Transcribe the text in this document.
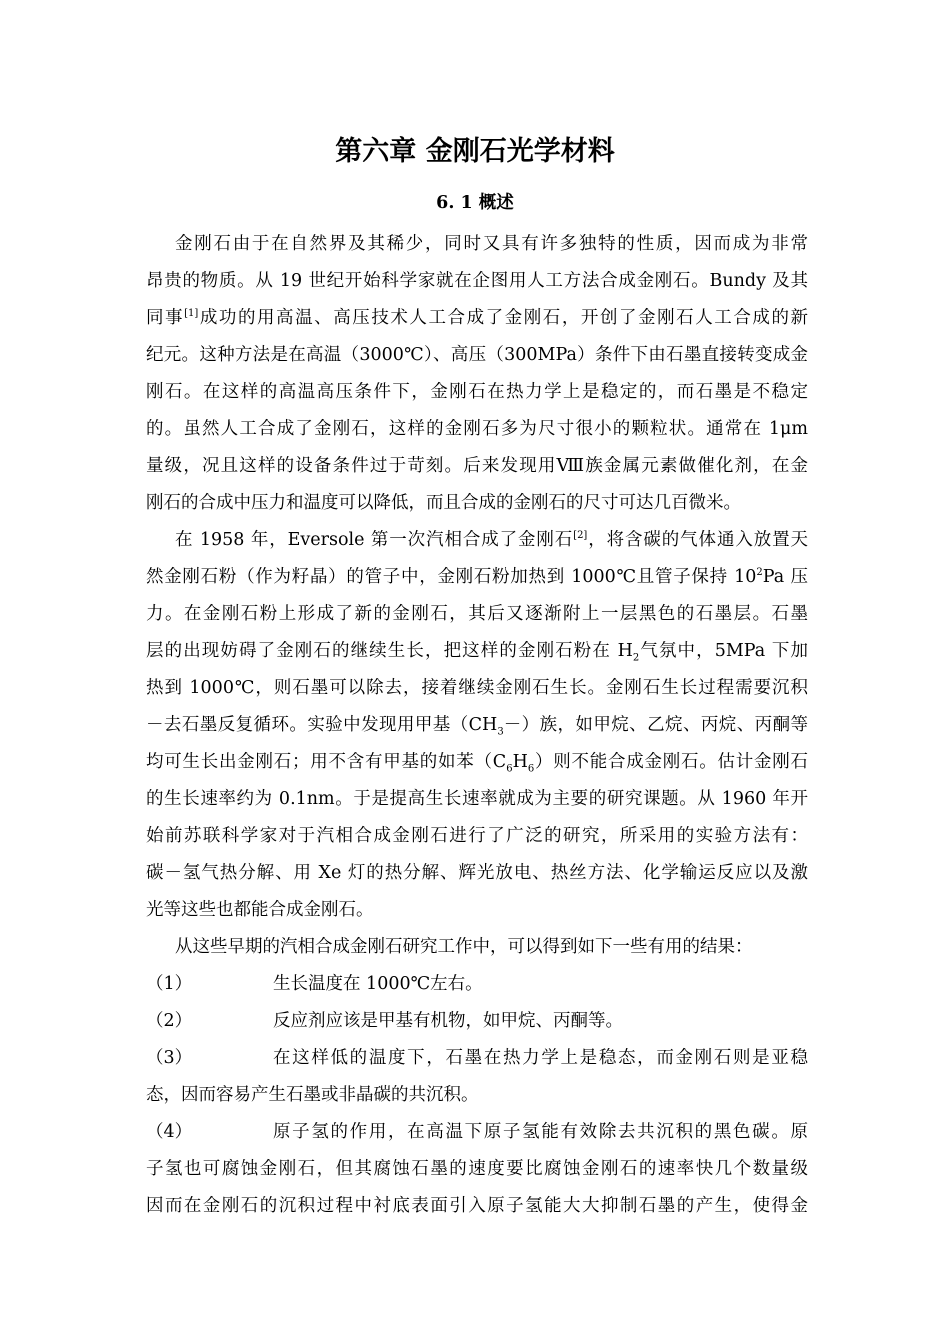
第六章 金刚石光学材料
6. 1 概述
金刚石由于在自然界及其稀少，同时又具有许多独特的性质，因而成为非常
昂贵的物质。从 19 世纪开始科学家就在企图用人工方法合成金刚石。Bundy 及其
同事[1]成功的用高温、高压技术人工合成了金刚石，开创了金刚石人工合成的新
纪元。这种方法是在高温（3000℃）、高压（300MPa）条件下由石墨直接转变成金
刚石。在这样的高温高压条件下，金刚石在热力学上是稳定的，而石墨是不稳定
的。虽然人工合成了金刚石，这样的金刚石多为尺寸很小的颗粒状。通常在 1μm
量级，况且这样的设备条件过于苛刻。后来发现用Ⅷ族金属元素做催化剂，在金
刚石的合成中压力和温度可以降低，而且合成的金刚石的尺寸可达几百微米。
在 1958 年，Eversole 第一次汽相合成了金刚石[2]，将含碳的气体通入放置天
然金刚石粉（作为籽晶）的管子中，金刚石粉加热到 1000℃且管子保持 $10^2Pa$ 压
力。在金刚石粉上形成了新的金刚石，其后又逐渐附上一层黑色的石墨层。石墨
层的出现妨碍了金刚石的继续生长，把这样的金刚石粉在 $H_2$气氛中，5MPa 下加
热到 1000℃，则石墨可以除去，接着继续金刚石生长。金刚石生长过程需要沉积
－去石墨反复循环。实验中发现用甲基$(CH_3-)$族，如甲烷、乙烷、丙烷、丙酮等
均可生长出金刚石；用不含有甲基的如苯$(C_6H_6)$则不能合成金刚石。估计金刚石
的生长速率约为 0.1nm。于是提高生长速率就成为主要的研究课题。从 1960 年开
始前苏联科学家对于汽相合成金刚石进行了广泛的研究，所采用的实验方法有：
碳－氢气热分解、用 Xe 灯的热分解、辉光放电、热丝方法、化学输运反应以及激
光等这些也都能合成金刚石。
从这些早期的汽相合成金刚石研究工作中，可以得到如下一些有用的结果：
（1）	生长温度在 1000℃左右。
（2）	反应剂应该是甲基有机物，如甲烷、丙酮等。
（3）	在这样低的温度下，石墨在热力学上是稳态，而金刚石则是亚稳
态，因而容易产生石墨或非晶碳的共沉积。
（4）	原子氢的作用，在高温下原子氢能有效除去共沉积的黑色碳。原
子氢也可腐蚀金刚石，但其腐蚀石墨的速度要比腐蚀金刚石的速率快几个数量级
因而在金刚石的沉积过程中衬底表面引入原子氢能大大抑制石墨的产生，使得金
